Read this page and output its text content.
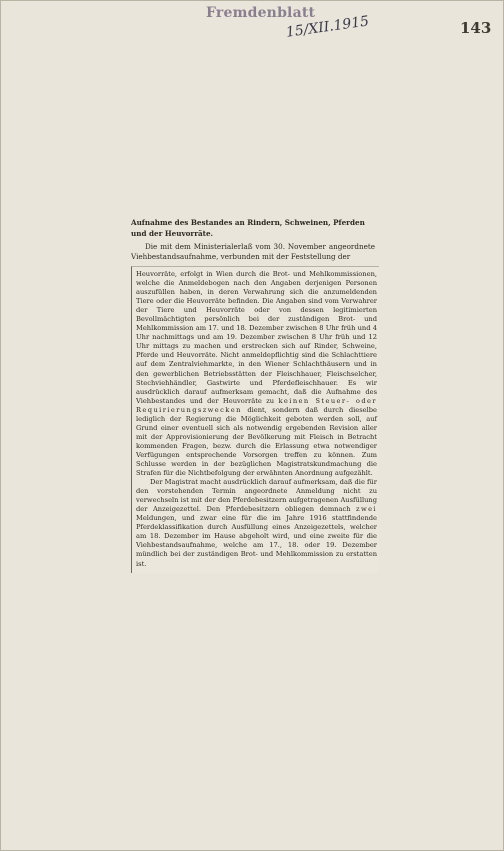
Fremdenblatt
15/XII.1915	143
Aufnahme des Bestandes an Rindern, Schweinen, Pferden und der Heuvorräte.

Die mit dem Ministerialerlaß vom 30. November angeordnete Viehbestandsaufnahme, verbunden mit der Feststellung der

Heuvorräte, erfolgt in Wien durch die Brot- und Mehlkommissionen, welche die Anmeldebogen nach den Angaben derjenigen Personen auszufüllen haben, in deren Verwahrung sich die anzumeldenden Tiere oder die Heuvorräte befinden. Die Angaben sind vom Verwahrer der Tiere und Heuvorräte oder von dessen legitimierten Bevollmächtigten persönlich bei der zuständigen Brot- und Mehlkommission am 17. und 18. Dezember zwischen 8 Uhr früh und 4 Uhr nachmittags und am 19. Dezember zwischen 8 Uhr früh und 12 Uhr mittags zu machen und erstrecken sich auf Rinder, Schweine, Pferde und Heuvorräte. Nicht anmeldepflichtig sind die Schlachttiere auf dem Zentralviehmarkte, in den Wiener Schlachthäusern und in den gewerblichen Betriebsstätten der Fleischhauer, Fleischselcher, Stechviehhändler, Gastwirte und Pferdefleischhauer. Es wir ausdrücklich darauf aufmerksam gemacht, daß die Aufnahme des Viehbestandes und der Heuvorräte zu keinen Steuer- oder Requirierungszwecken dient, sondern daß durch dieselbe lediglich der Regierung die Möglichkeit geboten werden soll, auf Grund einer eventuell sich als notwendig ergebenden Revision aller mit der Approvisionierung der Bevölkerung mit Fleisch in Betracht kommenden Fragen, bezw. durch die Erlassung etwa notwendiger Verfügungen entsprechende Vorsorgen treffen zu können. Zum Schlusse werden in der bezüglichen Magistratskundmachung die Strafen für die Nichtbefolgung der erwähnten Anordnung aufgezählt.

Der Magistrat macht ausdrücklich darauf aufmerksam, daß die für den vorstehenden Termin angeordnete Anmeldung nicht zu verwechseln ist mit der den Pferdebesitzern aufgetragenen Ausfüllung der Anzeigezettel. Den Pferdebesitzern obliegen demnach zwei Meldungen, und zwar eine für die im Jahre 1916 stattfindende Pferdeklassifikation durch Ausfüllung eines Anzeigezettels, welcher am 18. Dezember im Hause abgeholt wird, und eine zweite für die Viehbestandsaufnahme, welche am 17., 18. oder 19. Dezember mündlich bei der zuständigen Brot- und Mehlkommission zu erstatten ist.
